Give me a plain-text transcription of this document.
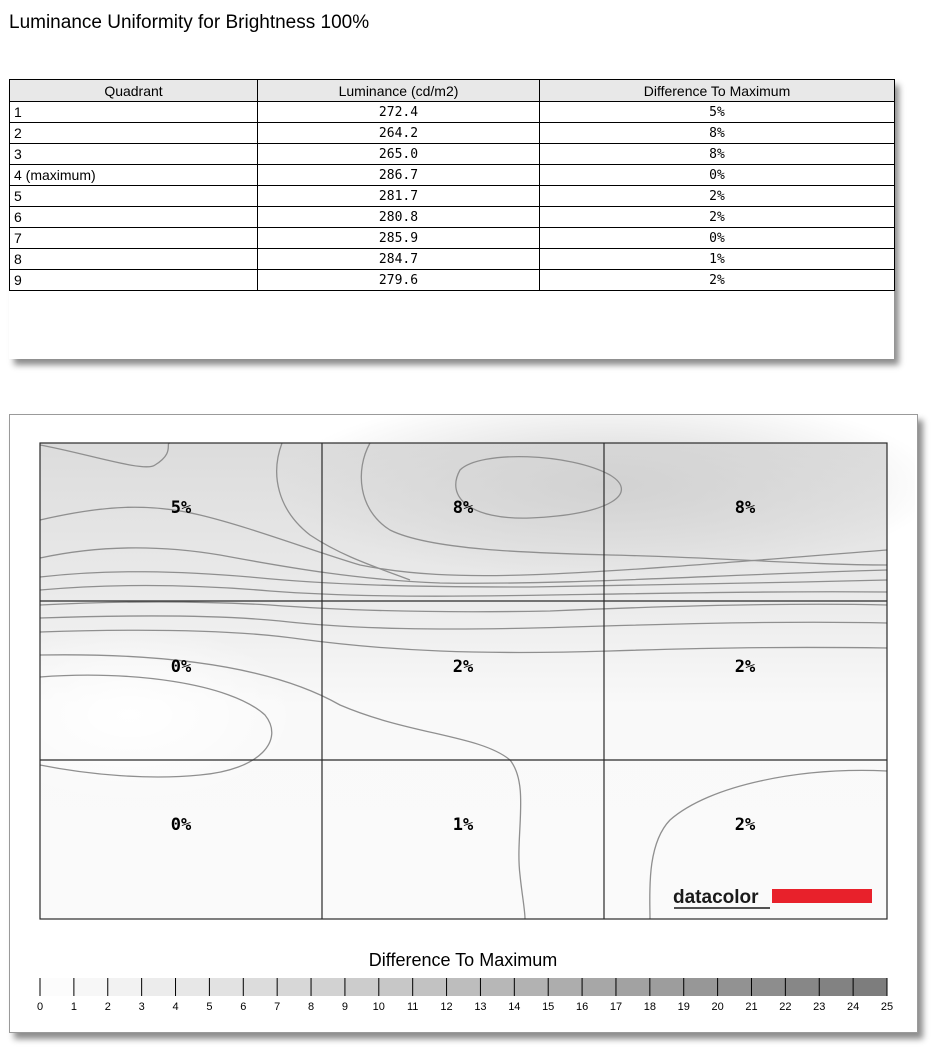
Luminance Uniformity for Brightness 100%
Quadrant	Luminance (cd/m2)	Difference To Maximum
1	272.4	5%
2	264.2	8%
3	265.0	8%
4 (maximum)	286.7	0%
5	281.7	2%
6	280.8	2%
7	285.9	0%
8	284.7	1%
9	279.6	2%
5%	8%	8%
0%	2%	2%
0%	1%	2%
datacolor
Difference To Maximum
0	1	2	3	4	5	6	7	8	9 10 11 12 13 14 15 16 17 18 19 20 21 22 23 24 25
